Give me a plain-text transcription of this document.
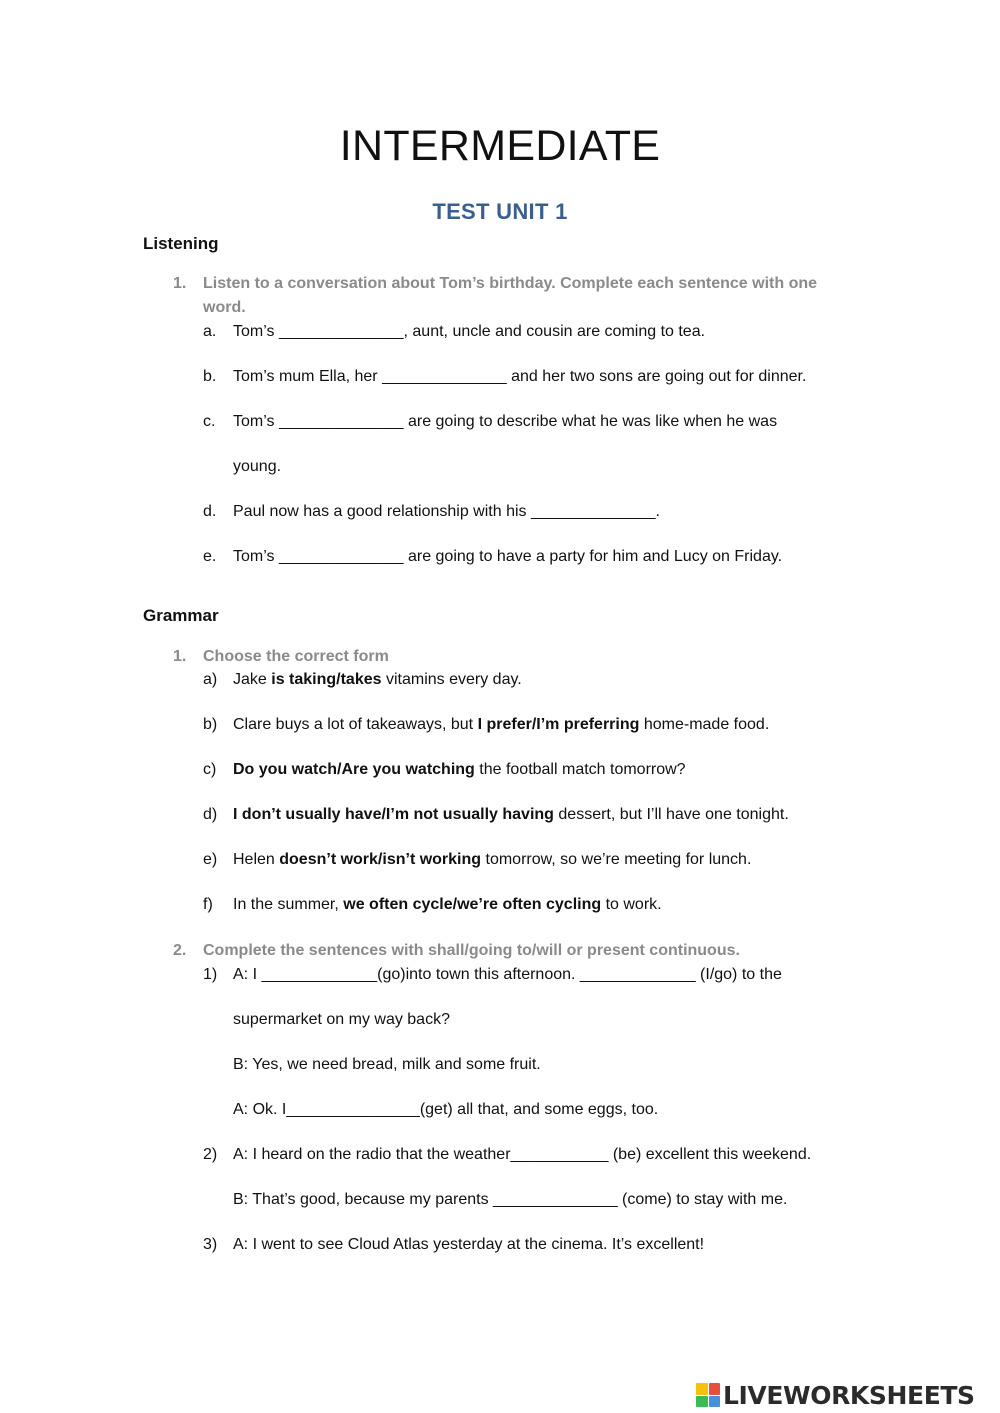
INTERMEDIATE
TEST UNIT 1
Listening
1.	Listen to a conversation about Tom’s birthday. Complete each sentence with one word.
a. Tom’s ______________, aunt, uncle and cousin are coming to tea.
b. Tom’s mum Ella, her ______________ and her two sons are going out for dinner.
c. Tom’s ______________ are going to describe what he was like when he was
young.
d. Paul now has a good relationship with his ______________.
e. Tom’s ______________ are going to have a party for him and Lucy on Friday.
Grammar
1.	Choose the correct form
a) Jake is taking/takes vitamins every day.
b) Clare buys a lot of takeaways, but I prefer/I’m preferring home-made food.
c) Do you watch/Are you watching the football match tomorrow?
d) I don’t usually have/I’m not usually having dessert, but I’ll have one tonight.
e) Helen doesn’t work/isn’t working tomorrow, so we’re meeting for lunch.
f) In the summer, we often cycle/we’re often cycling to work.
2.	Complete the sentences with shall/going to/will or present continuous.
1) A: I _____________(go)into town this afternoon. _____________ (I/go) to the
supermarket on my way back?
B: Yes, we need bread, milk and some fruit.
A: Ok. I_______________(get) all that, and some eggs, too.
2) A: I heard on the radio that the weather___________ (be) excellent this weekend.
B: That’s good, because my parents ______________ (come) to stay with me.
3) A: I went to see Cloud Atlas yesterday at the cinema. It’s excellent!
LIVEWORKSHEETS
